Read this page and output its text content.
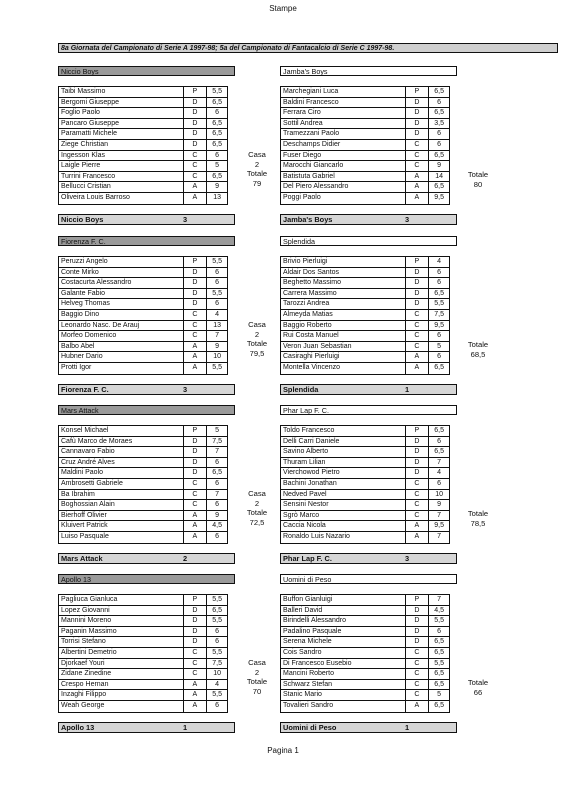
Stampe
8a Giornata del Campionato di Serie A 1997-98; 5a del Campionato di Fantacalcio di Serie C 1997-98.
Niccio Boys
Taibi Massimo	P	5,5
Bergomi Giuseppe	D	6,5
Foglio Paolo	D	6
Pancaro Giuseppe	D	6,5
Paramatti Michele	D	6,5
Ziege Christian	D	6,5
Ingesson Klas	C	6
Laigle Pierre	C	5
Turrini Francesco	C	6,5
Bellucci Cristian	A	9
Oliveira Louis Barroso	A	13
Casa
2
Totale
79
Niccio Boys	3
Jamba's Boys
Marchegiani Luca	P	6,5
Baldini Francesco	D	6
Ferrara Ciro	D	6,5
Sottil Andrea	D	3,5
Tramezzani Paolo	D	6
Deschamps Didier	C	6
Fuser Diego	C	6,5
Marocchi Giancarlo	C	9
Batistuta Gabriel	A	14
Del Piero Alessandro	A	6,5
Poggi Paolo	A	9,5
Totale
80
Jamba's Boys	3
Fiorenza F. C.
Peruzzi Angelo	P	5,5
Conte Mirko	D	6
Costacurta Alessandro	D	6
Galante Fabio	D	5,5
Helveg Thomas	D	6
Baggio Dino	C	4
Leonardo Nasc. De Arauj	C	13
Morfeo Domenico	C	7
Balbo Abel	A	9
Hubner Dario	A	10
Protti Igor	A	5,5
Casa
2
Totale
79,5
Fiorenza F. C.	3
Splendida
Brivio Pierluigi	P	4
Aldair Dos Santos	D	6
Beghetto Massimo	D	6
Carrera Massimo	D	6,5
Tarozzi Andrea	D	5,5
Almeyda Matias	C	7,5
Baggio Roberto	C	9,5
Rui Costa Manuel	C	6
Veron Juan Sebastian	C	5
Casiraghi Pierluigi	A	6
Montella Vincenzo	A	6,5
Totale
68,5
Splendida	1
Mars Attack
Konsel Michael	P	5
Cafù Marco de Moraes	D	7,5
Cannavaro Fabio	D	7
Cruz André Alves	D	6
Maldini Paolo	D	6,5
Ambrosetti Gabriele	C	6
Ba Ibrahim	C	7
Boghossian Alain	C	6
Bierhoff Olivier	A	9
Kluivert Patrick	A	4,5
Luiso Pasquale	A	6
Casa
2
Totale
72,5
Mars Attack	2
Phar Lap F. C.
Toldo Francesco	P	6,5
Delli Carri Daniele	D	6
Savino Alberto	D	6,5
Thuram Lilian	D	7
Vierchowod Pietro	D	4
Bachini Jonathan	C	6
Nedved Pavel	C	10
Sensini Nestor	C	9
Sgrò Marco	C	7
Caccia Nicola	A	9,5
Ronaldo Luis Nazario	A	7
Totale
78,5
Phar Lap F. C.	3
Apollo 13
Pagliuca Gianluca	P	5,5
Lopez Giovanni	D	6,5
Mannini Moreno	D	5,5
Paganin Massimo	D	6
Torrisi Stefano	D	6
Albertini Demetrio	C	5,5
Djorkaef Youri	C	7,5
Zidane Zinedine	C	10
Crespo Hernan	A	4
Inzaghi Filippo	A	5,5
Weah George	A	6
Casa
2
Totale
70
Apollo 13	1
Uomini di Peso
Buffon Gianluigi	P	7
Balleri David	D	4,5
Birindelli Alessandro	D	5,5
Padalino Pasquale	D	6
Serena Michele	D	6,5
Cois Sandro	C	6,5
Di Francesco Eusebio	C	5,5
Mancini Roberto	C	6,5
Schwarz Stefan	C	6,5
Stanic Mario	C	5
Tovalieri Sandro	A	6,5
Totale
66
Uomini di Peso	1
Pagina 1
